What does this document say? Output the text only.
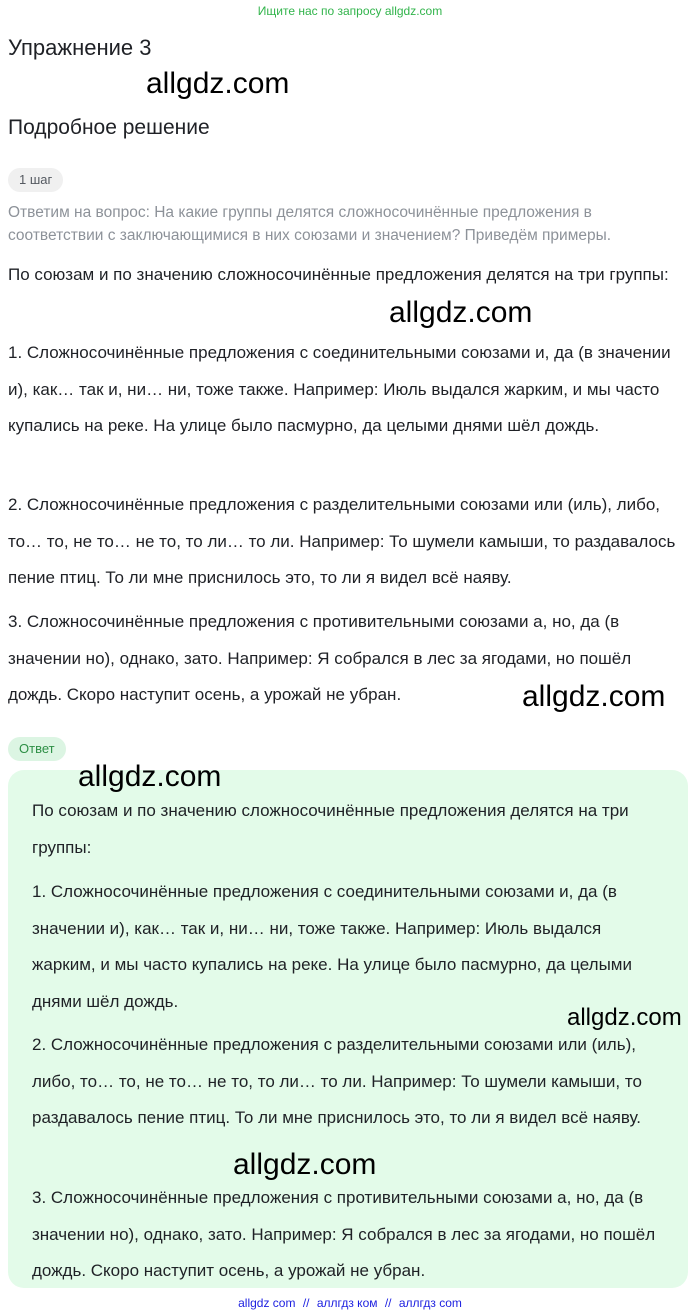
Ищите нас по запросу allgdz.com
Упражнение 3
allgdz.com
Подробное решение
1 шаг
Ответим на вопрос: На какие группы делятся сложносочинённые предложения в соответствии с заключающимися в них союзами и значением? Приведём примеры.
По союзам и по значению сложносочинённые предложения делятся на три группы:
allgdz.com
1. Сложносочинённые предложения с соединительными союзами и, да (в значении и), как… так и, ни… ни, тоже также. Например: Июль выдался жарким, и мы часто купались на реке. На улице было пасмурно, да целыми днями шёл дождь.
2. Сложносочинённые предложения с разделительными союзами или (иль), либо, то… то, не то… не то, то ли… то ли. Например: То шумели камыши, то раздавалось пение птиц. То ли мне приснилось это, то ли я видел всё наяву.
3. Сложносочинённые предложения с противительными союзами а, но, да (в значении но), однако, зато. Например: Я собрался в лес за ягодами, но пошёл дождь. Скоро наступит осень, а урожай не убран.	allgdz.com
Ответ
allgdz.com
По союзам и по значению сложносочинённые предложения делятся на три группы:
1. Сложносочинённые предложения с соединительными союзами и, да (в значении и), как… так и, ни… ни, тоже также. Например: Июль выдался жарким, и мы часто купались на реке. На улице было пасмурно, да целыми днями шёл дождь.
allgdz.com
2. Сложносочинённые предложения с разделительными союзами или (иль), либо, то… то, не то… не то, то ли… то ли. Например: То шумели камыши, то раздавалось пение птиц. То ли мне приснилось это, то ли я видел всё наяву.
allgdz.com
3. Сложносочинённые предложения с противительными союзами а, но, да (в значении но), однако, зато. Например: Я собрался в лес за ягодами, но пошёл дождь. Скоро наступит осень, а урожай не убран.
allgdz com // аллгдз ком // аллгдз com
